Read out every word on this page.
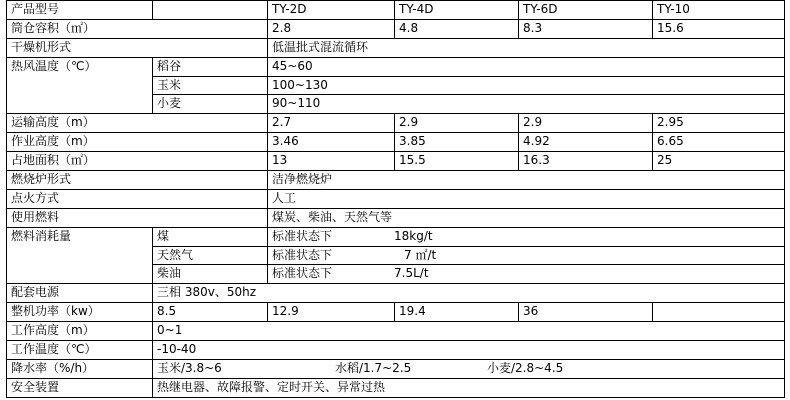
产品型号		TY-2D	TY-4D	TY-6D	TY-10
筒仓容积（㎡）		2.8	4.8	8.3	15.6
干燥机形式		低温批式混流循环			
热风温度（℃）	稻谷	45~60			
	玉米	100~130			
	小麦	90~110			
运输高度（m）		2.7	2.9	2.9	2.95
作业高度（m）		3.46	3.85	4.92	6.65
占地面积（㎡）		13	15.5	16.3	25
燃烧炉形式		洁净燃烧炉			
点火方式		人工			
使用燃料		煤炭、柴油、天然气等			
燃料消耗量	煤	标准状态下 18kg/t			
	天然气	标准状态下 7 ㎡/t			
	柴油	标准状态下 7.5L/t			
配套电源	三相 380v、50hz				
整机功率（kw）	8.5	12.9	19.4	36	
工作高度（m）	0~1				
工作温度（℃）	-10-40				
降水率（%/h）	玉米/3.8~6 水稻/1.7~2.5 小麦/2.8~4.5				
安全装置	热继电器、故障报警、定时开关、异常过热				
